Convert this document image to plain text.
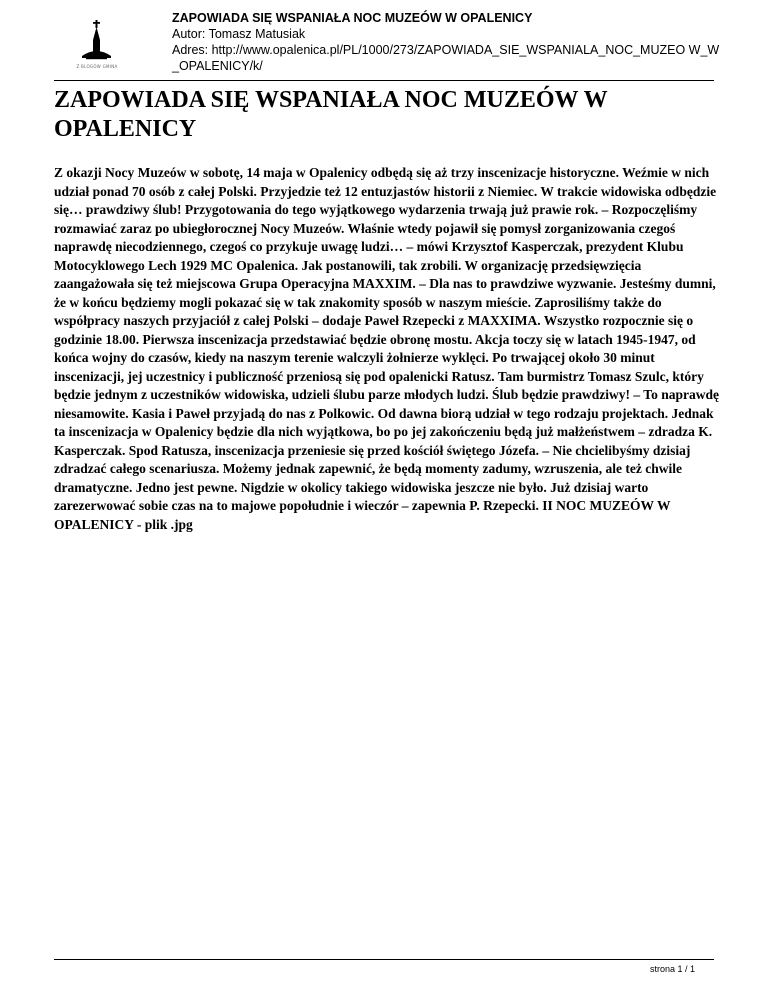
Z BLOGÓW GMINA
ZAPOWIADA SIĘ WSPANIAŁA NOC MUZEÓW W OPALENICY
Autor: Tomasz Matusiak
Adres: http://www.opalenica.pl/PL/1000/273/ZAPOWIADA_SIE_WSPANIALA_NOC_MUZEO W_W_OPALENICY/k/
ZAPOWIADA SIĘ WSPANIAŁA NOC MUZEÓW W OPALENICY

Z okazji Nocy Muzeów w sobotę, 14 maja w Opalenicy odbędą się aż trzy inscenizacje historyczne. Weźmie w nich udział ponad 70 osób z całej Polski. Przyjedzie też 12 entuzjastów historii z Niemiec. W trakcie widowiska odbędzie się… prawdziwy ślub! Przygotowania do tego wyjątkowego wydarzenia trwają już prawie rok. – Rozpoczęliśmy rozmawiać zaraz po ubiegłorocznej Nocy Muzeów. Właśnie wtedy pojawił się pomysł zorganizowania czegoś naprawdę niecodziennego, czegoś co przykuje uwagę ludzi… – mówi Krzysztof Kasperczak, prezydent Klubu Motocyklowego Lech 1929 MC Opalenica. Jak postanowili, tak zrobili. W organizację przedsięwzięcia zaangażowała się też miejscowa Grupa Operacyjna MAXXIM. – Dla nas to prawdziwe wyzwanie. Jesteśmy dumni, że w końcu będziemy mogli pokazać się w tak znakomity sposób w naszym mieście. Zaprosiliśmy także do współpracy naszych przyjaciół z całej Polski – dodaje Paweł Rzepecki z MAXXIMA. Wszystko rozpocznie się o godzinie 18.00. Pierwsza inscenizacja przedstawiać będzie obronę mostu. Akcja toczy się w latach 1945-1947, od końca wojny do czasów, kiedy na naszym terenie walczyli żołnierze wyklęci. Po trwającej około 30 minut inscenizacji, jej uczestnicy i publiczność przeniosą się pod opalenicki Ratusz. Tam burmistrz Tomasz Szulc, który będzie jednym z uczestników widowiska, udzieli ślubu parze młodych ludzi. Ślub będzie prawdziwy! – To naprawdę niesamowite. Kasia i Paweł przyjadą do nas z Polkowic. Od dawna biorą udział w tego rodzaju projektach. Jednak ta inscenizacja w Opalenicy będzie dla nich wyjątkowa, bo po jej zakończeniu będą już małżeństwem – zdradza K. Kasperczak. Spod Ratusza, inscenizacja przeniesie się przed kościół świętego Józefa. – Nie chcielibyśmy dzisiaj zdradzać całego scenariusza. Możemy jednak zapewnić, że będą momenty zadumy, wzruszenia, ale też chwile dramatyczne. Jedno jest pewne. Nigdzie w okolicy takiego widowiska jeszcze nie było. Już dzisiaj warto zarezerwować sobie czas na to majowe popołudnie i wieczór – zapewnia P. Rzepecki. II NOC MUZEÓW W OPALENICY - plik .jpg

strona 1 / 1
